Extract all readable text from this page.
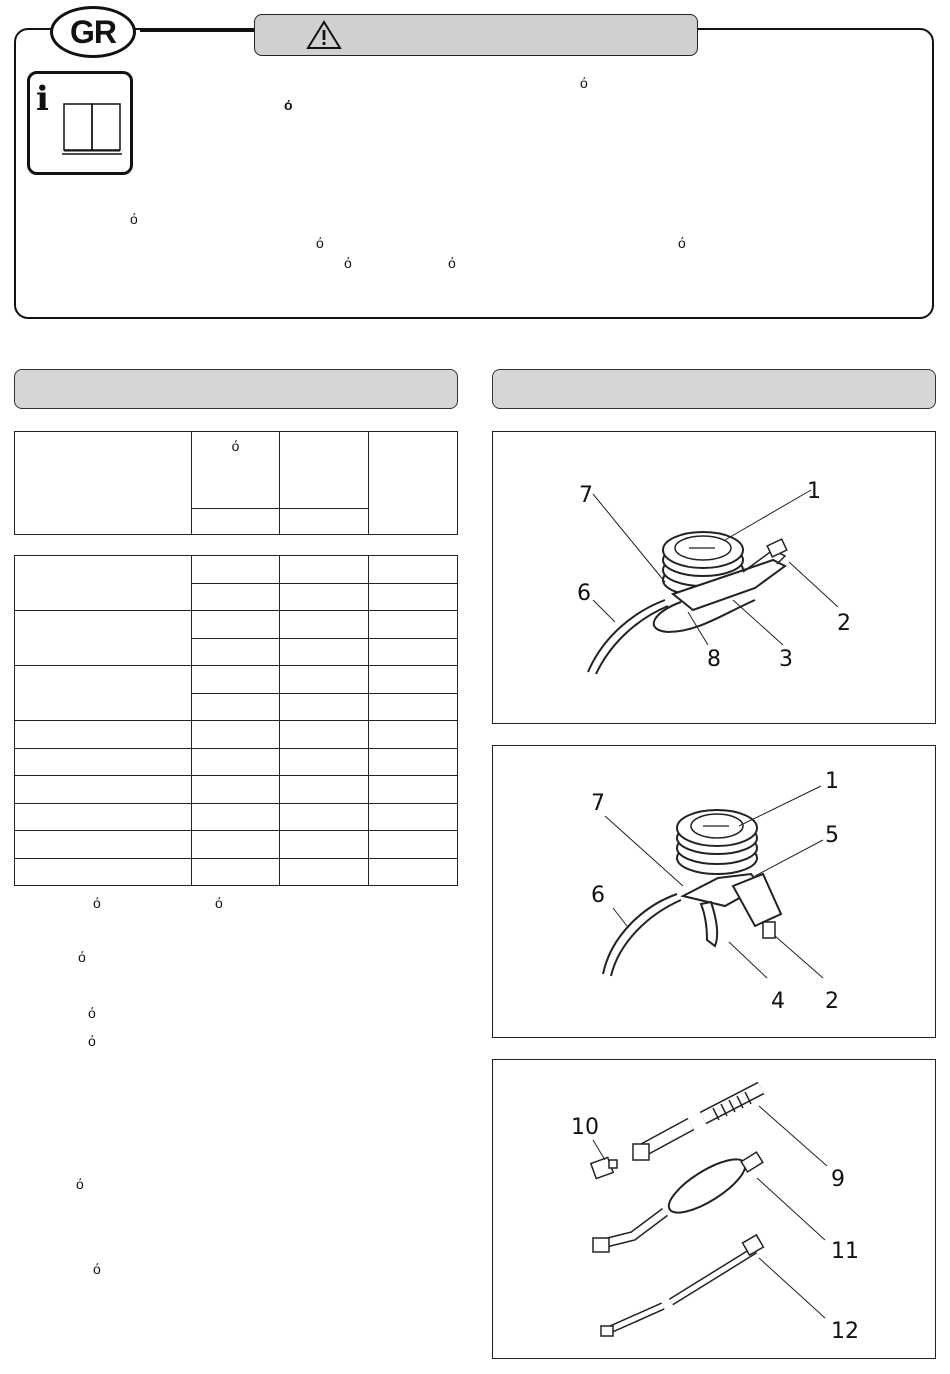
GR
i	ό
ό
ό
ό	ό
ό	ό
	ό		

ό	ό
ό
ό
ό
ό
ό
7	1
6
2
8	3
7
1
5
6
4 2
10
9
11
12
